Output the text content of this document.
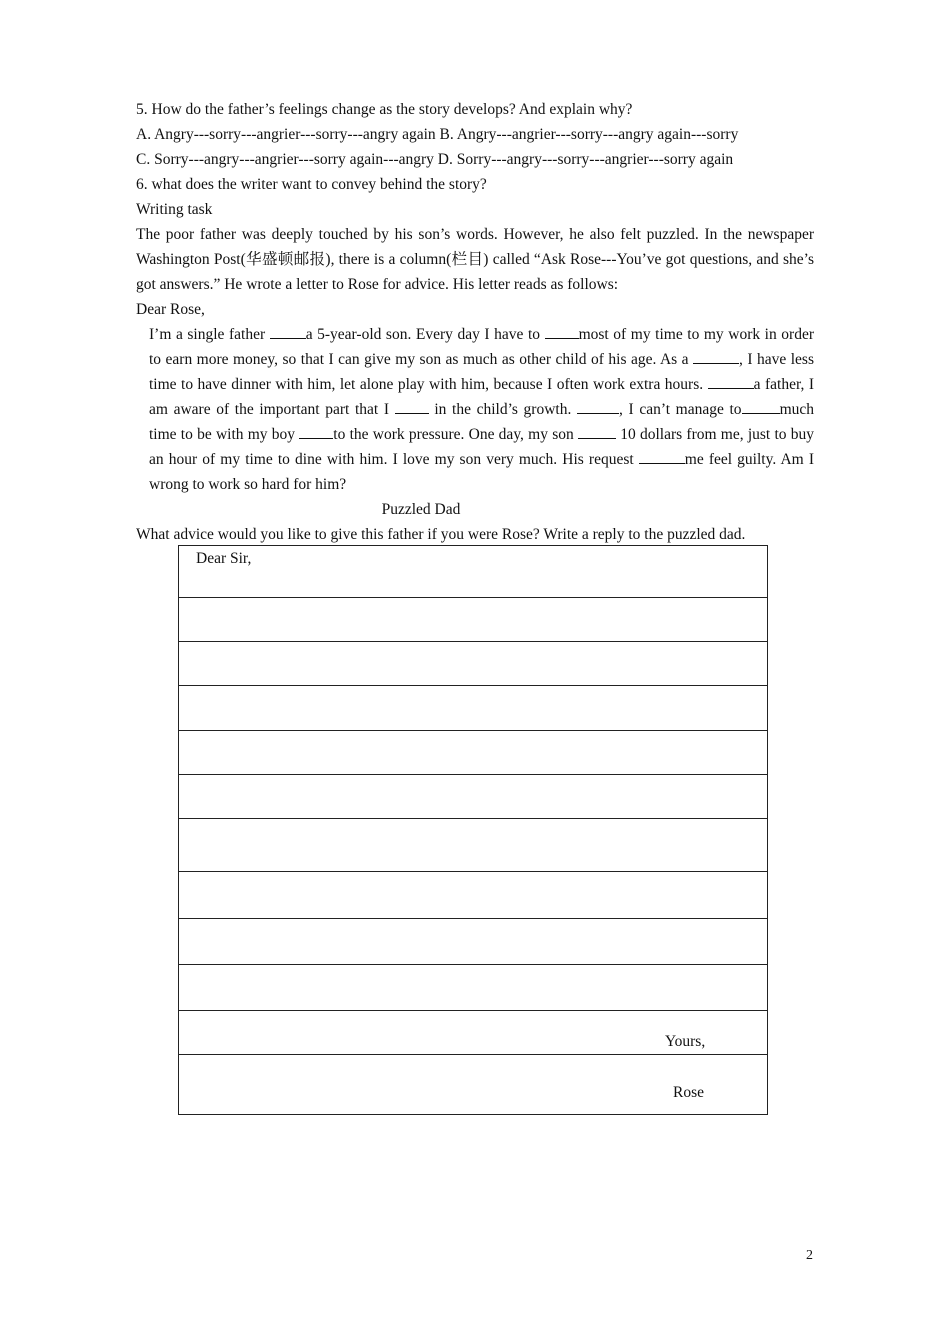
5. How do the father’s feelings change as the story develops? And explain why?
A. Angry---sorry---angrier---sorry---angry again B. Angry---angrier---sorry---angry again---sorry
C. Sorry---angry---angrier---sorry again---angry D. Sorry---angry---sorry---angrier---sorry again
6. what does the writer want to convey behind the story?
Writing task
The poor father was deeply touched by his son’s words. However, he also felt puzzled. In the newspaper Washington Post(华盛顿邮报), there is a column(栏目) called “Ask Rose---You’ve got questions, and she’s got answers.” He wrote a letter to Rose for advice. His letter reads as follows:
Dear Rose,
I’m a single father a 5-year-old son. Every day I have to most of my time to my work in order to earn more money, so that I can give my son as much as other child of his age. As a	, I have less time to have dinner with him, let alone play with him, because I often work extra hours.	a father, I am aware of the important part that I  in the child’s growth.	, I can’t manage to much time to be with my boy to the work pressure. One day, my son  10 dollars from me, just to buy an hour of my time to dine with him. I love my son very much. His request	me feel guilty. Am I wrong to work so hard for him?
Puzzled Dad
What advice would you like to give this father if you were Rose? Write a reply to the puzzled dad.
Dear Sir,
Yours,
Rose
2
